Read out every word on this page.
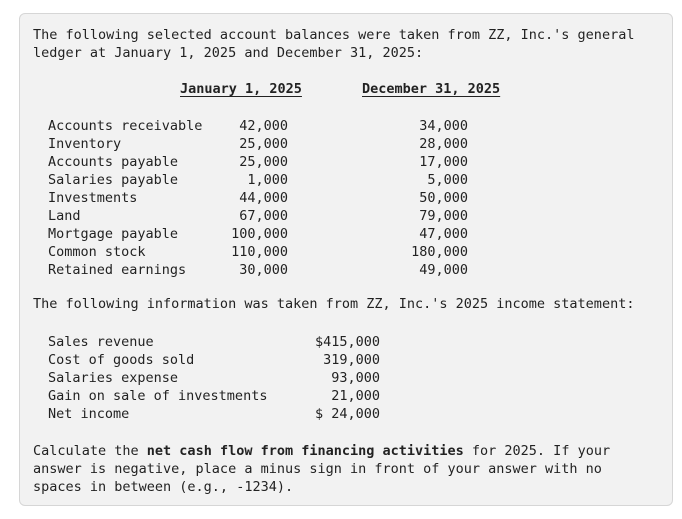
The following selected account balances were taken from ZZ, Inc.'s general ledger at January 1, 2025 and December 31, 2025:

January 1, 2025	December 31, 2025
Accounts receivable
Inventory
Accounts payable
Salaries payable
Investments
Land
Mortgage payable
Common stock
Retained earnings
42,000
25,000
25,000
1,000
44,000
67,000
100,000
110,000
30,000
34,000
28,000
17,000
5,000
50,000
79,000
47,000
180,000
49,000

The following information was taken from ZZ, Inc.'s 2025 income statement:

Sales revenue
Cost of goods sold
Salaries expense
Gain on sale of investments
Net income
$415,000
319,000
93,000
21,000
$ 24,000

Calculate the net cash flow from financing activities for 2025. If your answer is negative, place a minus sign in front of your answer with no spaces in between (e.g., -1234).
